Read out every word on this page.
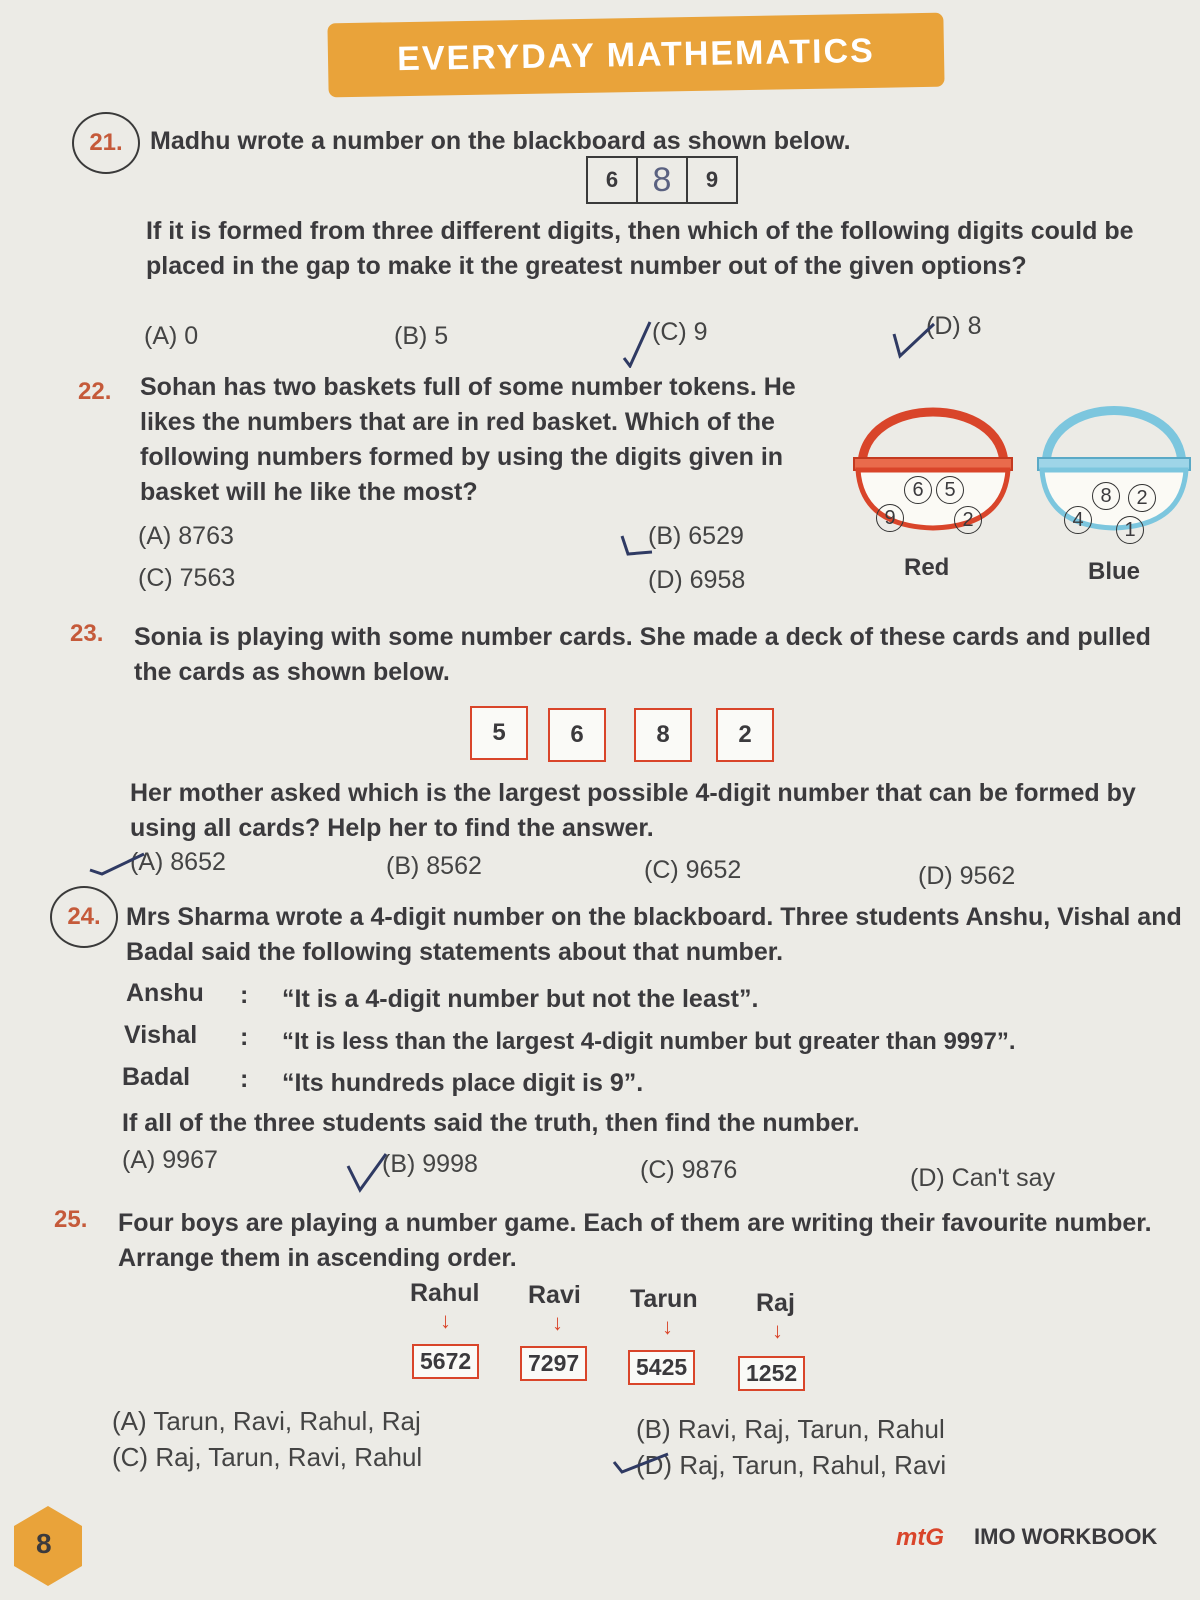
EVERYDAY MATHEMATICS
21. Madhu wrote a number on the blackboard as shown below.
6	8	9
If it is formed from three different digits, then which of the following digits could be placed in the gap to make it the greatest number out of the given options?
(A) 0	(B) 5	(C) 9	(D) 8
22. Sohan has two baskets full of some number tokens. He likes the numbers that are in red basket. Which of the following numbers formed by using the digits given in basket will he like the most?
(A) 8763	(B) 6529
(C) 7563	(D) 6958
6	5
9	2
Red
8	2
4	1
Blue
23. Sonia is playing with some number cards. She made a deck of these cards and pulled the cards as shown below.
5	6	8	2
Her mother asked which is the largest possible 4-digit number that can be formed by using all cards? Help her to find the answer.
(A) 8652	(B) 8562	(C) 9652	(D) 9562
24. Mrs Sharma wrote a 4-digit number on the blackboard. Three students Anshu, Vishal and Badal said the following statements about that number.
Anshu : “It is a 4-digit number but not the least”.
Vishal : “It is less than the largest 4-digit number but greater than 9997”.
Badal : “Its hundreds place digit is 9”.
If all of the three students said the truth, then find the number.
(A) 9967	(B) 9998	(C) 9876	(D) Can't say
25. Four boys are playing a number game. Each of them are writing their favourite number. Arrange them in ascending order.
Rahul Ravi Tarun Raj
↓	↓	↓	↓
5672	7297	5425	1252
(A) Tarun, Ravi, Rahul, Raj	(B) Ravi, Raj, Tarun, Rahul
(C) Raj, Tarun, Ravi, Rahul	(D) Raj, Tarun, Rahul, Ravi
8	mtG IMO WORKBOOK
